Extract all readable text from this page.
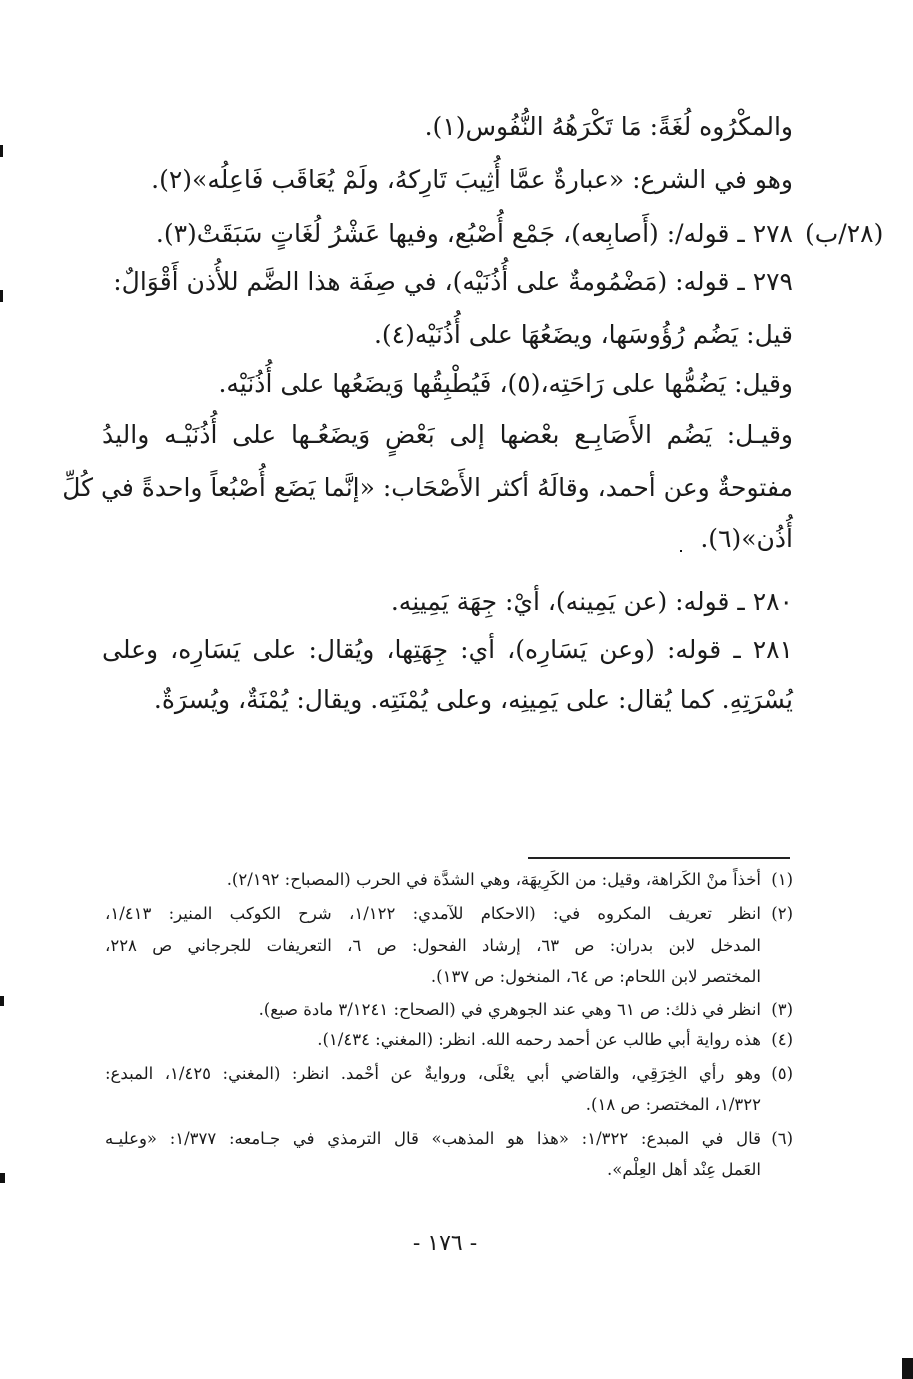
(٢٨/ب)
والمكْرُوه لُغَةً: مَا تَكْرَهُهُ النُّفُوس(١).
وهو في الشرع: «عبارةٌ عمَّا أُثِيبَ تَارِكهُ، ولَمْ يُعَاقَب فَاعِلُه»(٢).
٢٧٨ ـ قوله/: (أَصابِعه)، جَمْع أُصْبُع، وفيها عَشْرُ لُغَاتٍ سَبَقَتْ(٣).
٢٧٩ ـ قوله: (مَضْمُومةٌ على أُذُنَيْه)، في صِفَة هذا الضَّم للأُذن أَقْوَالٌ:
قيل: يَضُم رُؤُوسَها، ويضَعُهَا على أُذُنَيْه(٤).
وقيل: يَضُمُّها على رَاحَتِه،(٥)، فَيُطْبِقُها وَيضَعُها على أُذُنَيْه.
وقيـل: يَضُم الأَصَابِـع بعْضها إلى بَعْضٍ وَيضَعُـها على أُذُنَيْـه واليدُ
مفتوحةٌ وعن أحمد، وقالَهُ أكثر الأَصْحَاب: «إنَّما يَضَع أُصْبُعاً واحدةً في كُلِّ
أُذُن»(٦).
٢٨٠ ـ قوله: (عن يَمِينه)، أيْ: جِهَة يَمِينِه.
٢٨١ ـ قوله: (وعن يَسَارِه)، أي: جِهَتِها، ويُقال: على يَسَارِه، وعلى
يُسْرَتِهِ. كما يُقال: على يَمِينِه، وعلى يُمْنَتِه. ويقال: يُمْنَةٌ، ويُسرَةٌ.
(١)
أخذاً منْ الكَراهة، وقيل: من الكَرِيهَة، وهي الشدَّة في الحرب (المصباح: ٢/١٩٢).
(٢)
انظر تعريف المكروه في: (الاحكام للآمدي: ١/١٢٢، شرح الكوكب المنير: ١/٤١٣،
المدخل لابن بدران: ص ٦٣، إرشاد الفحول: ص ٦، التعريفات للجرجاني ص ٢٢٨،
المختصر لابن اللحام: ص ٦٤، المنخول: ص ١٣٧).
(٣)
انظر في ذلك: ص ٦١ وهي عند الجوهري في (الصحاح: ٣/١٢٤١ مادة صبع).
(٤)
هذه رواية أبي طالب عن أحمد رحمه الله. انظر: (المغني: ١/٤٣٤).
(٥)
وهو رأي الخِرَقِي، والقاضي أبي يعْلَى، وروايةٌ عن أحْمد. انظر: (المغني: ١/٤٢٥، المبدع:
١/٣٢٢، المختصر: ص ١٨).
(٦)
قال في المبدع: ١/٣٢٢: «هذا هو المذهب» قال الترمذي في جـامعه: ١/٣٧٧: «وعليـه
العَمل عِنْد أهل العِلْم».
- ١٧٦ -
